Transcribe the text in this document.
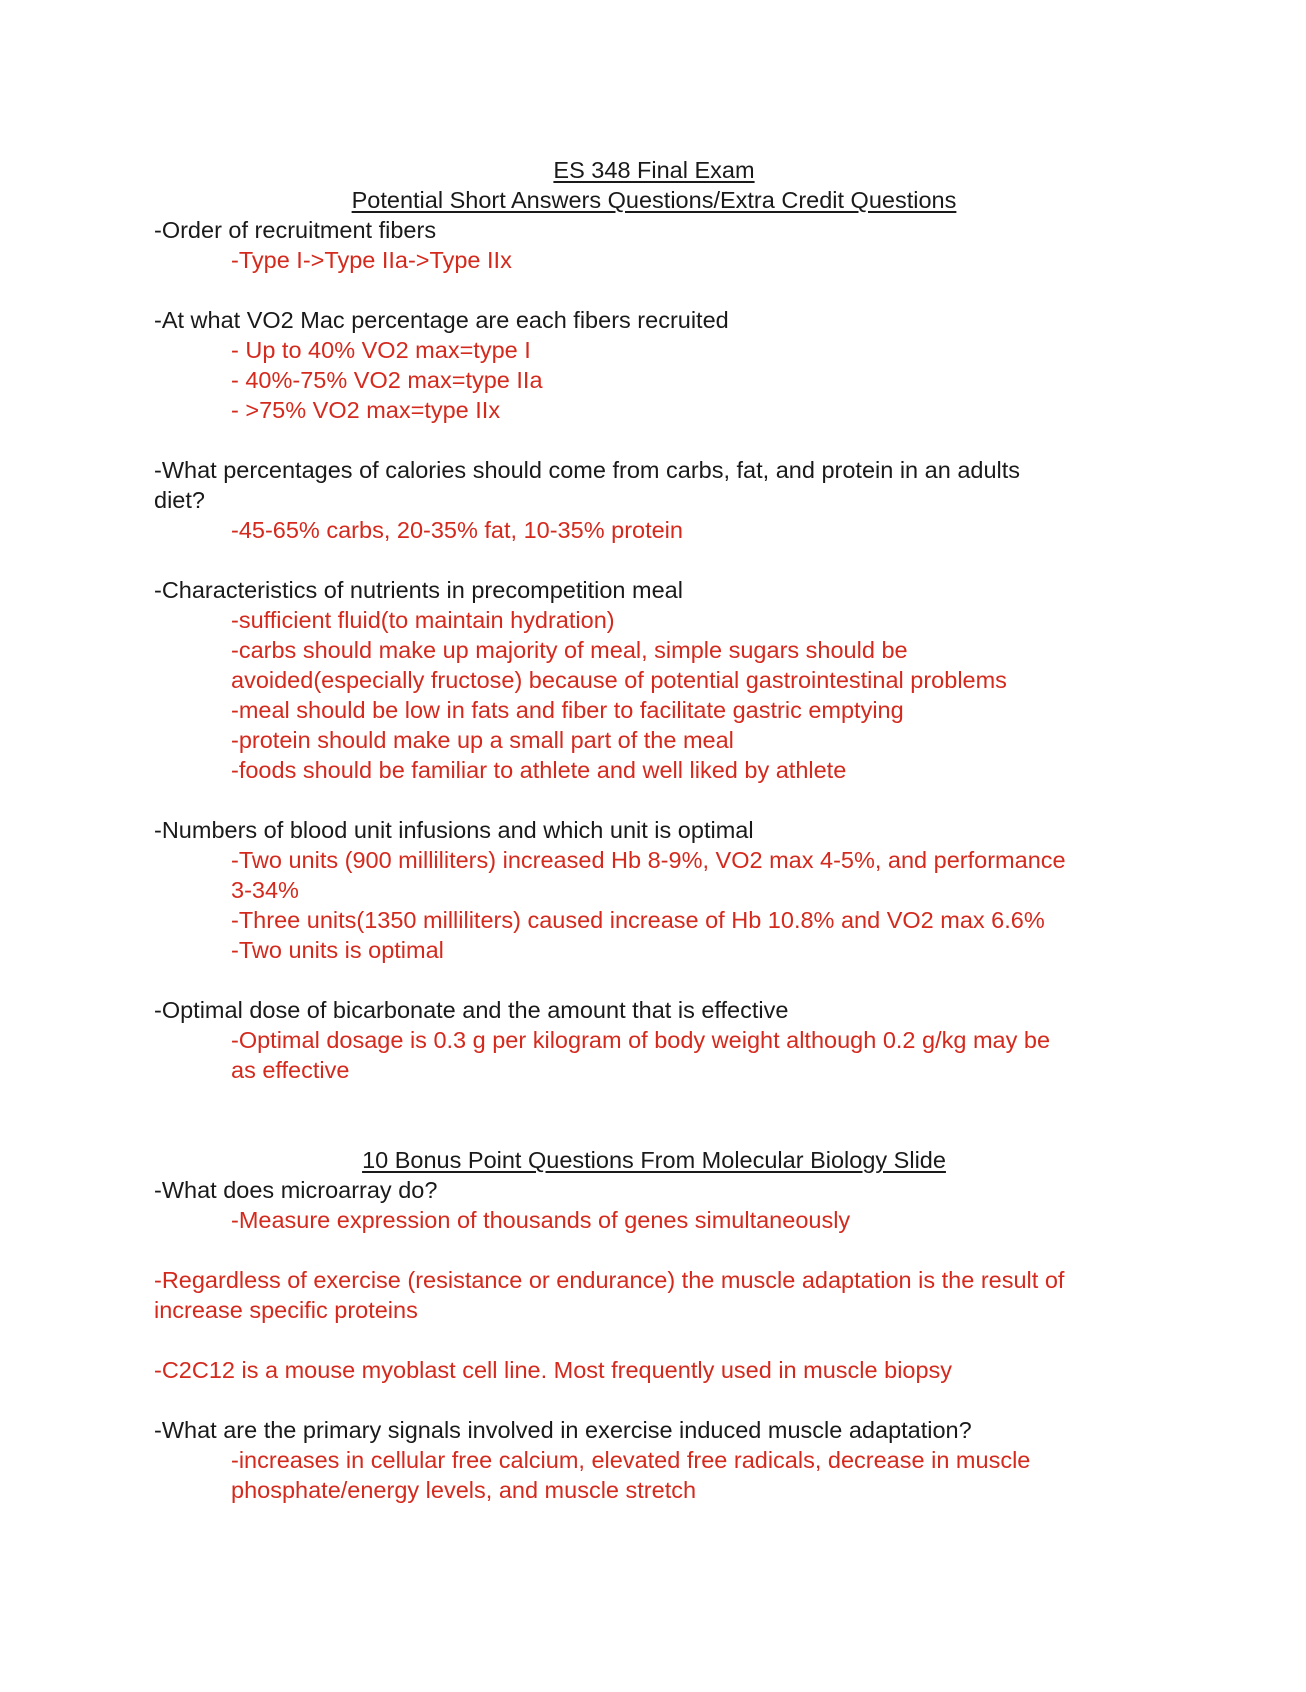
ES 348 Final Exam

Potential Short Answers Questions/Extra Credit Questions

-Order of recruitment fibers

-Type I->Type IIa->Type IIx

-At what VO2 Mac percentage are each fibers recruited

- Up to 40% VO2 max=type I

- 40%-75% VO2 max=type IIa

- >75% VO2 max=type IIx

-What percentages of calories should come from carbs, fat, and protein in an adults

diet?

-45-65% carbs, 20-35% fat, 10-35% protein

-Characteristics of nutrients in precompetition meal

-sufficient fluid(to maintain hydration)

-carbs should make up majority of meal, simple sugars should be

avoided(especially fructose) because of potential gastrointestinal problems

-meal should be low in fats and fiber to facilitate gastric emptying

-protein should make up a small part of the meal

-foods should be familiar to athlete and well liked by athlete

-Numbers of blood unit infusions and which unit is optimal

-Two units (900 milliliters) increased Hb 8-9%, VO2 max 4-5%, and performance

3-34%

-Three units(1350 milliliters) caused increase of Hb 10.8% and VO2 max 6.6%

-Two units is optimal

-Optimal dose of bicarbonate and the amount that is effective

-Optimal dosage is 0.3 g per kilogram of body weight although 0.2 g/kg may be

as effective

10 Bonus Point Questions From Molecular Biology Slide

-What does microarray do?

-Measure expression of thousands of genes simultaneously

-Regardless of exercise (resistance or endurance) the muscle adaptation is the result of

increase specific proteins

-C2C12 is a mouse myoblast cell line. Most frequently used in muscle biopsy

-What are the primary signals involved in exercise induced muscle adaptation?

-increases in cellular free calcium, elevated free radicals, decrease in muscle

phosphate/energy levels, and muscle stretch
